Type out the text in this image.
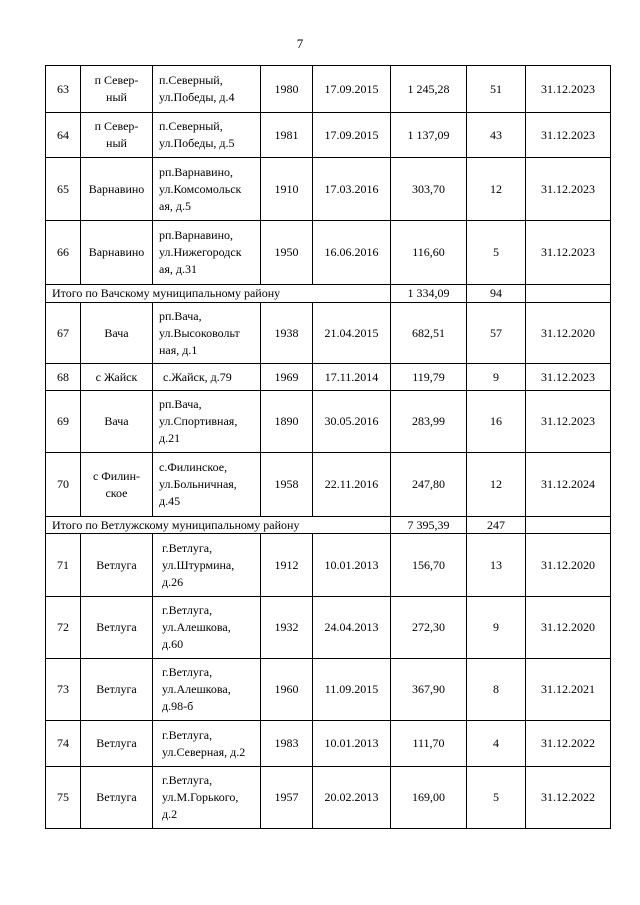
7
63	п Север-
ный	п.Северный,
ул.Победы, д.4	1980	17.09.2015	1 245,28	51	31.12.2023
64	п Север-
ный	п.Северный,
ул.Победы, д.5	1981	17.09.2015	1 137,09	43	31.12.2023
65	Варнавино	рп.Варнавино,
ул.Комсомольск
ая, д.5	1910	17.03.2016	303,70	12	31.12.2023
66	Варнавино	рп.Варнавино,
ул.Нижегородск
ая, д.31	1950	16.06.2016	116,60	5	31.12.2023
Итого по Вачскому муниципальному району					1 334,09	94	
67	Вача	рп.Вача,
ул.Высоковольт
ная, д.1	1938	21.04.2015	682,51	57	31.12.2020
68	с Жайск	с.Жайск, д.79	1969	17.11.2014	119,79	9	31.12.2023
69	Вача	рп.Вача,
ул.Спортивная,
д.21	1890	30.05.2016	283,99	16	31.12.2023
70	с Филин-
ское	с.Филинское,
ул.Больничная,
д.45	1958	22.11.2016	247,80	12	31.12.2024
Итого по Ветлужскому муниципальному району					7 395,39	247	
71	Ветлуга	г.Ветлуга,
ул.Штурмина,
д.26	1912	10.01.2013	156,70	13	31.12.2020
72	Ветлуга	г.Ветлуга,
ул.Алешкова,
д.60	1932	24.04.2013	272,30	9	31.12.2020
73	Ветлуга	г.Ветлуга,
ул.Алешкова,
д.98-б	1960	11.09.2015	367,90	8	31.12.2021
74	Ветлуга	г.Ветлуга,
ул.Северная, д.2	1983	10.01.2013	111,70	4	31.12.2022
75	Ветлуга	г.Ветлуга,
ул.М.Горького,
д.2	1957	20.02.2013	169,00	5	31.12.2022
